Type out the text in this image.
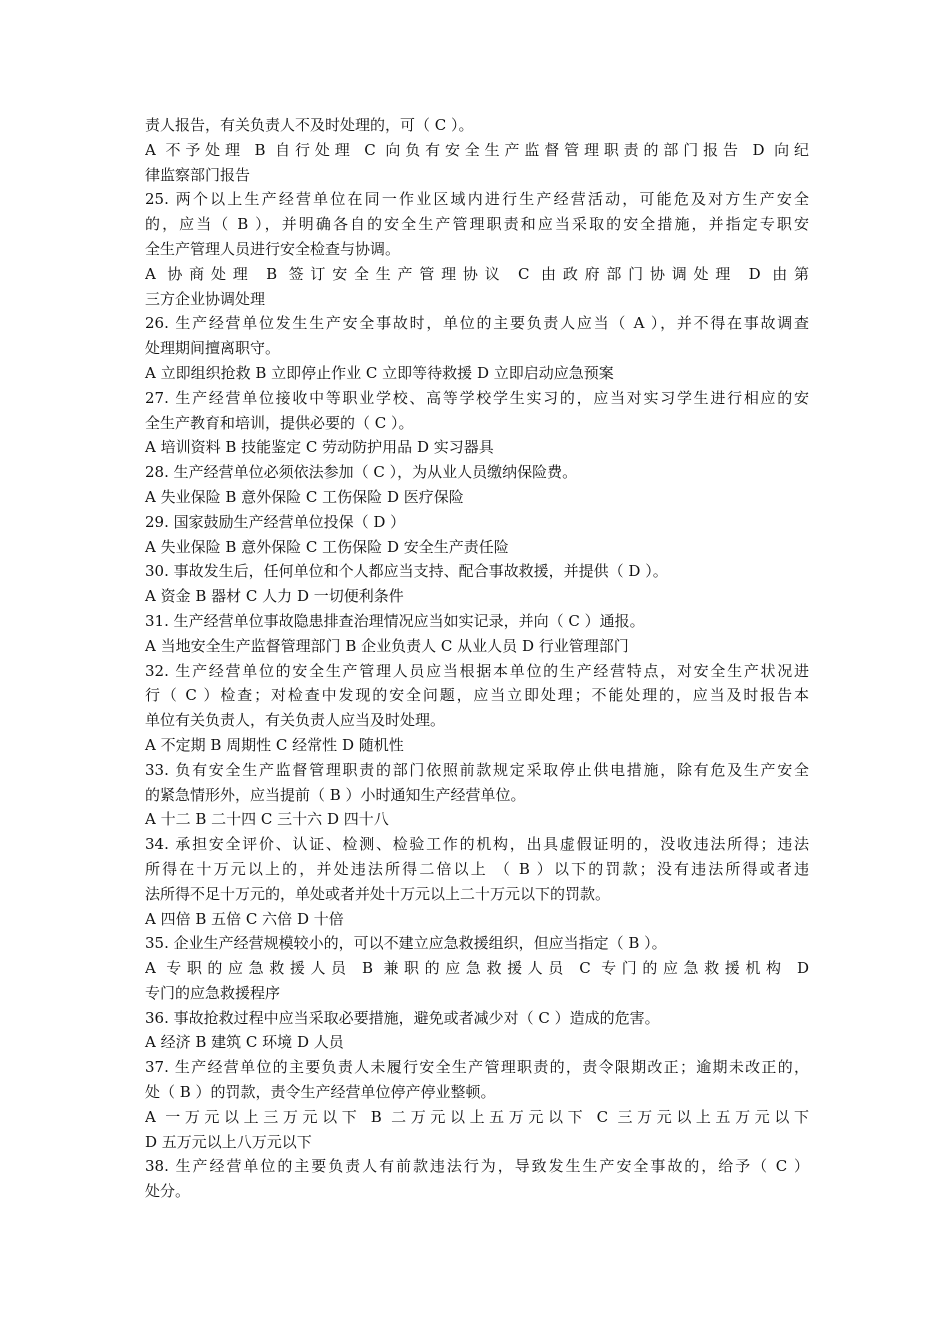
责人报告，有关负责人不及时处理的，可（ C ）。
A 不予处理 B 自行处理 C 向负有安全生产监督管理职责的部门报告 D 向纪
律监察部门报告
25. 两个以上生产经营单位在同一作业区域内进行生产经营活动，可能危及对方生产安全
的，应当（ B ），并明确各自的安全生产管理职责和应当采取的安全措施，并指定专职安
全生产管理人员进行安全检查与协调。
A 协商处理 B 签订安全生产管理协议 C 由政府部门协调处理 D 由第
三方企业协调处理
26. 生产经营单位发生生产安全事故时，单位的主要负责人应当（ A ），并不得在事故调查
处理期间擅离职守。
A 立即组织抢救 B 立即停止作业 C 立即等待救援 D 立即启动应急预案
27. 生产经营单位接收中等职业学校、高等学校学生实习的，应当对实习学生进行相应的安
全生产教育和培训，提供必要的（ C ）。
A 培训资料 B 技能鉴定 C 劳动防护用品 D 实习器具
28. 生产经营单位必须依法参加（ C ），为从业人员缴纳保险费。
A 失业保险 B 意外保险 C 工伤保险 D 医疗保险
29. 国家鼓励生产经营单位投保（ D ）
A 失业保险 B 意外保险 C 工伤保险 D 安全生产责任险
30. 事故发生后，任何单位和个人都应当支持、配合事故救援，并提供（ D ）。
A 资金 B 器材 C 人力 D 一切便利条件
31. 生产经营单位事故隐患排查治理情况应当如实记录，并向（ C ）通报。
A 当地安全生产监督管理部门 B 企业负责人 C 从业人员 D 行业管理部门
32. 生产经营单位的安全生产管理人员应当根据本单位的生产经营特点，对安全生产状况进
行（ C ）检查；对检查中发现的安全问题，应当立即处理；不能处理的，应当及时报告本
单位有关负责人，有关负责人应当及时处理。
A 不定期 B 周期性 C 经常性 D 随机性
33. 负有安全生产监督管理职责的部门依照前款规定采取停止供电措施，除有危及生产安全
的紧急情形外，应当提前（ B ）小时通知生产经营单位。
A 十二 B 二十四 C 三十六 D 四十八
34. 承担安全评价、认证、检测、检验工作的机构，出具虚假证明的，没收违法所得；违法
所得在十万元以上的，并处违法所得二倍以上 （ B ）以下的罚款；没有违法所得或者违
法所得不足十万元的，单处或者并处十万元以上二十万元以下的罚款。
A 四倍 B 五倍 C 六倍 D 十倍
35. 企业生产经营规模较小的，可以不建立应急救援组织，但应当指定（ B ）。
A 专职的应急救援人员 B 兼职的应急救援人员 C 专门的应急救援机构 D
专门的应急救援程序
36. 事故抢救过程中应当采取必要措施，避免或者减少对（ C ）造成的危害。
A 经济 B 建筑 C 环境 D 人员
37. 生产经营单位的主要负责人未履行安全生产管理职责的，责令限期改正；逾期未改正的，
处（ B ）的罚款，责令生产经营单位停产停业整顿。
A 一万元以上三万元以下 B 二万元以上五万元以下 C 三万元以上五万元以下
D 五万元以上八万元以下
38. 生产经营单位的主要负责人有前款违法行为，导致发生生产安全事故的，给予（ C ）
处分。
